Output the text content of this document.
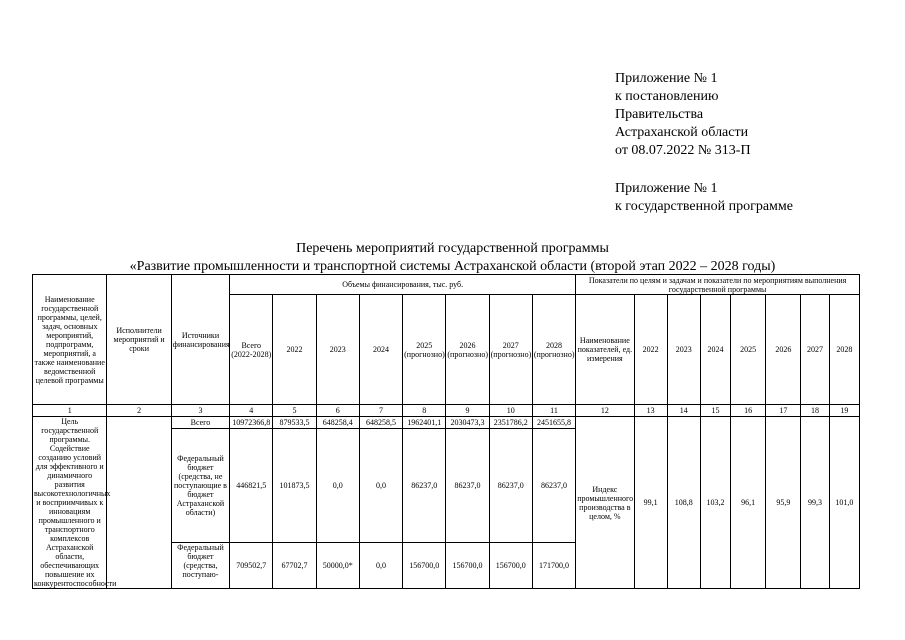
Приложение № 1
к постановлению
Правительства
Астраханской области
от 08.07.2022 № 313-П
Приложение № 1
к государственной программе
Перечень мероприятий государственной программы
«Развитие промышленности и транспортной системы Астраханской области (второй этап 2022 – 2028 годы)
Наименование государственной программы, целей, задач, основных мероприятий, подпрограмм, мероприятий, а также наименование ведомственной целевой программы	Исполнители мероприятий и сроки	Источники финансирования	Объемы финансирования, тыс. руб.								Показатели по целям и задачам и показатели по мероприятиям выполнения государственной программы							
			Всего (2022-2028)	2022	2023	2024	2025 (прогнозно)	2026 (прогнозно)	2027 (прогнозно)	2028 (прогнозно)	Наименование показателей, ед. измерения	2022	2023	2024	2025	2026	2027	2028
1	2	3	4	5	6	7	8	9	10	11	12	13	14	15	16	17	18	19
Цель государственной программы. Содействие созданию условий для эффективного и динамичного развития высокотехнологичных и восприимчивых к инновациям промышленного и транспортного комплексов Астраханской области, обеспечивающих повышение их конкурентоспособности		Всего	10972366,8	879533,5	648258,4	648258,5	1962401,1	2030473,3	2351786,2	2451655,8	Индекс промышленного производства в целом, %	99,1	108,8	103,2	96,1	95,9	99,3	101,0
		Федеральный бюджет (средства, не поступающие в бюджет Астраханской области)	446821,5	101873,5	0,0	0,0	86237,0	86237,0	86237,0	86237,0								
		Федеральный бюджет (средства, поступаю-	709502,7	67702,7	50000,0*	0,0	156700,0	156700,0	156700,0	171700,0								
